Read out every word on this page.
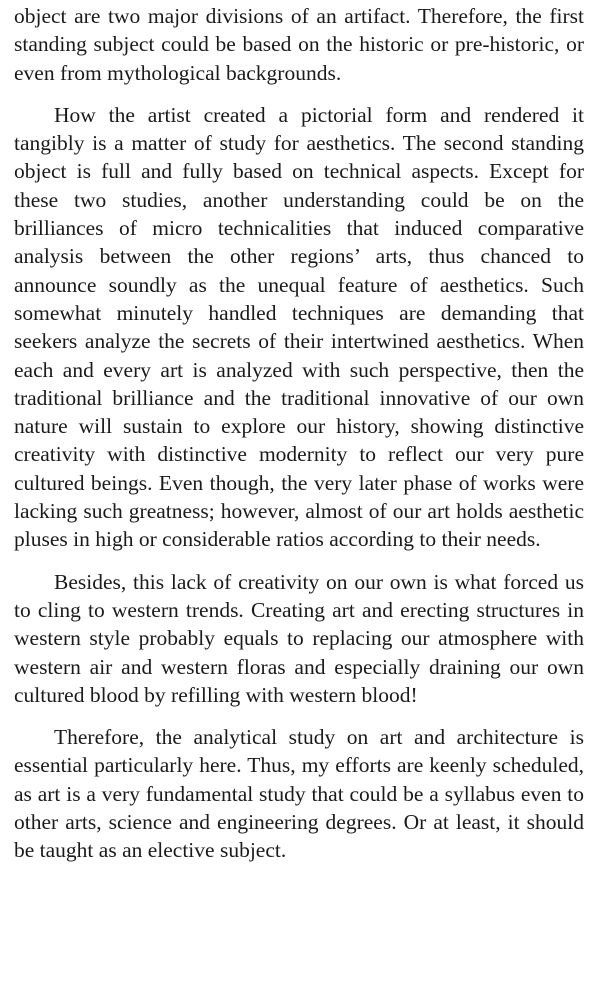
object are two major divisions of an artifact. Therefore, the first standing subject could be based on the historic or pre-historic, or even from mythological backgrounds.

How the artist created a pictorial form and rendered it tangibly is a matter of study for aesthetics. The second standing object is full and fully based on technical aspects. Except for these two studies, another understanding could be on the brilliances of micro technicalities that induced comparative analysis between the other regions’ arts, thus chanced to announce soundly as the unequal feature of aesthetics. Such somewhat minutely handled techniques are demanding that seekers analyze the secrets of their intertwined aesthetics. When each and every art is analyzed with such perspective, then the traditional brilliance and the traditional innovative of our own nature will sustain to explore our history, showing distinctive creativity with distinctive modernity to reflect our very pure cultured beings. Even though, the very later phase of works were lacking such greatness; however, almost of our art holds aesthetic pluses in high or considerable ratios according to their needs.

Besides, this lack of creativity on our own is what forced us to cling to western trends. Creating art and erecting structures in western style probably equals to replacing our atmosphere with western air and western floras and especially draining our own cultured blood by refilling with western blood!

Therefore, the analytical study on art and architecture is essential particularly here. Thus, my efforts are keenly scheduled, as art is a very fundamental study that could be a syllabus even to other arts, science and engineering degrees. Or at least, it should be taught as an elective subject.
